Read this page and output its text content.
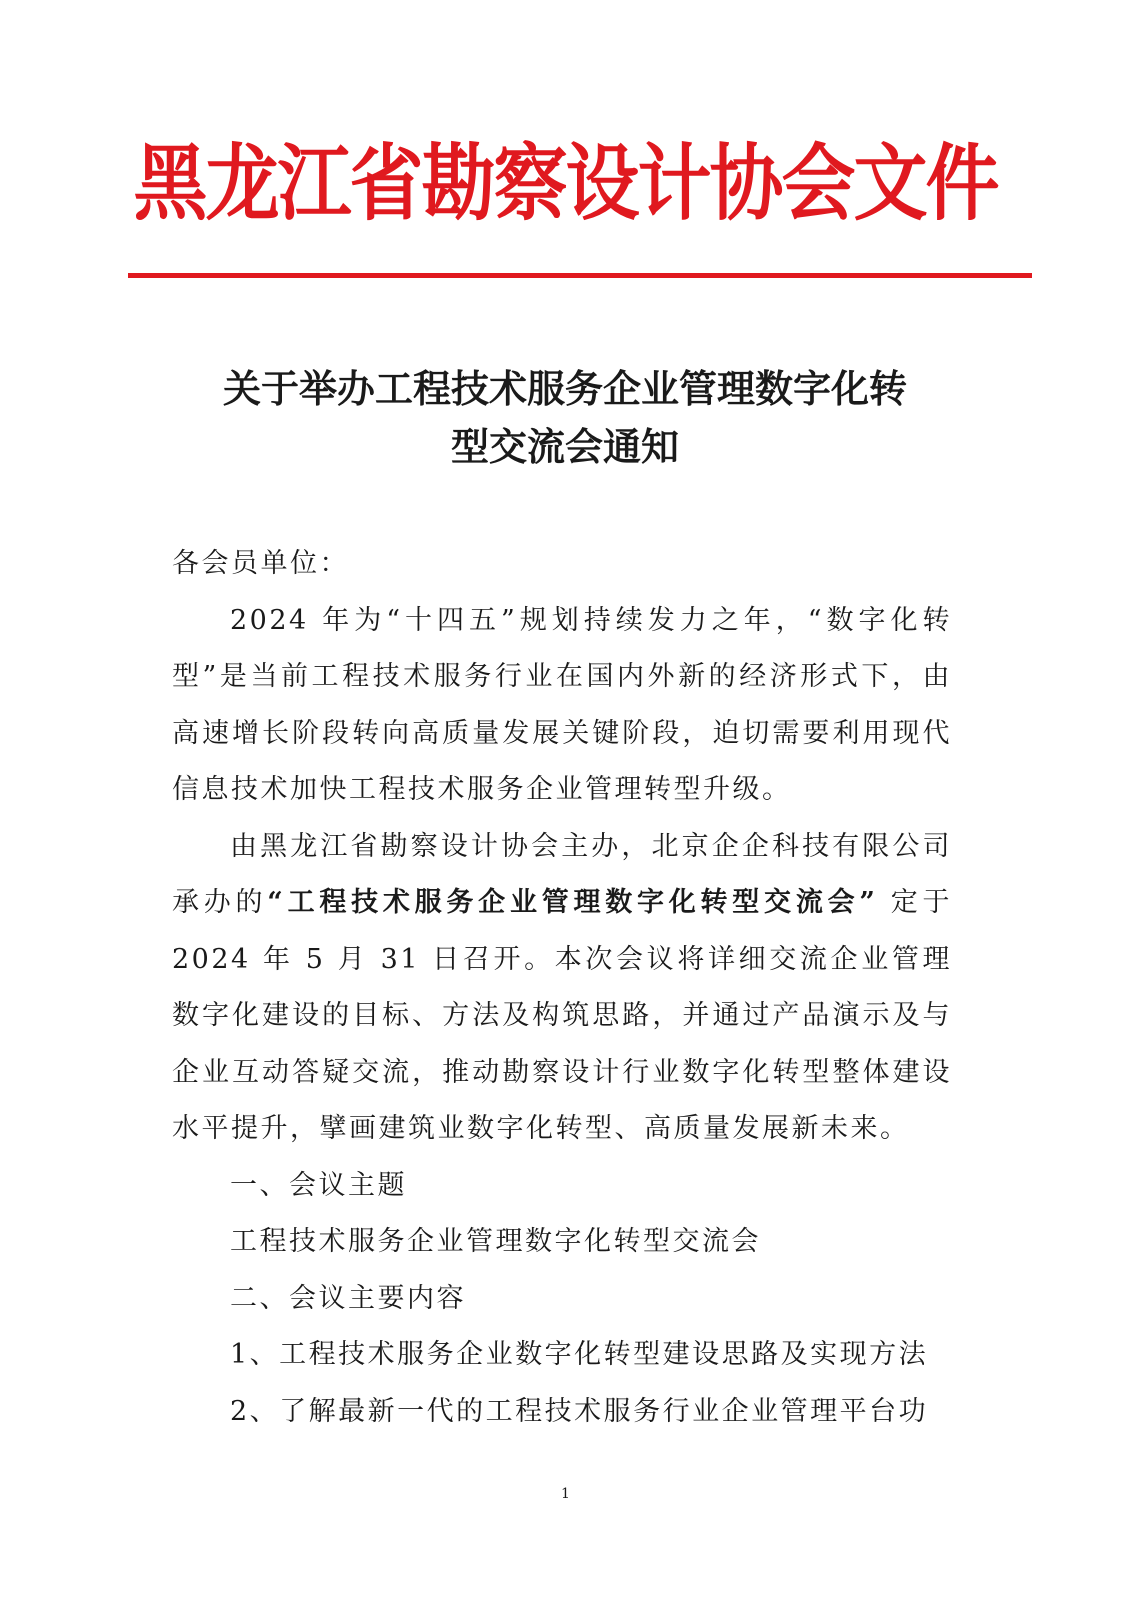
黑龙江省勘察设计协会文件
关于举办工程技术服务企业管理数字化转
型交流会通知

各会员单位：

2024 年为“十四五”规划持续发力之年，“数字化转型”是当前工程技术服务行业在国内外新的经济形式下，由高速增长阶段转向高质量发展关键阶段，迫切需要利用现代信息技术加快工程技术服务企业管理转型升级。

由黑龙江省勘察设计协会主办，北京企企科技有限公司承办的“工程技术服务企业管理数字化转型交流会” 定于 2024 年 5 月 31 日召开。本次会议将详细交流企业管理数字化建设的目标、方法及构筑思路，并通过产品演示及与企业互动答疑交流，推动勘察设计行业数字化转型整体建设水平提升，擘画建筑业数字化转型、高质量发展新未来。

一、会议主题

工程技术服务企业管理数字化转型交流会

二、会议主要内容

1、工程技术服务企业数字化转型建设思路及实现方法

2、了解最新一代的工程技术服务行业企业管理平台功

1
